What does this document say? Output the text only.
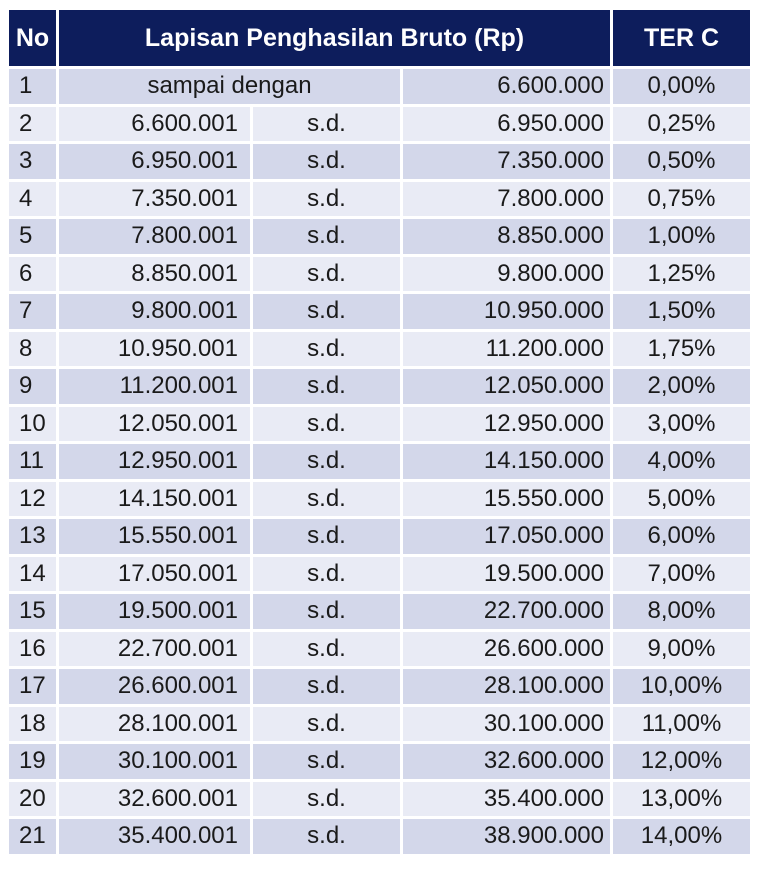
No	Lapisan Penghasilan Bruto (Rp)			TER C
1	sampai dengan		6.600.000	0,00%
2	6.600.001	s.d.	6.950.000	0,25%
3	6.950.001	s.d.	7.350.000	0,50%
4	7.350.001	s.d.	7.800.000	0,75%
5	7.800.001	s.d.	8.850.000	1,00%
6	8.850.001	s.d.	9.800.000	1,25%
7	9.800.001	s.d.	10.950.000	1,50%
8	10.950.001	s.d.	11.200.000	1,75%
9	11.200.001	s.d.	12.050.000	2,00%
10	12.050.001	s.d.	12.950.000	3,00%
11	12.950.001	s.d.	14.150.000	4,00%
12	14.150.001	s.d.	15.550.000	5,00%
13	15.550.001	s.d.	17.050.000	6,00%
14	17.050.001	s.d.	19.500.000	7,00%
15	19.500.001	s.d.	22.700.000	8,00%
16	22.700.001	s.d.	26.600.000	9,00%
17	26.600.001	s.d.	28.100.000	10,00%
18	28.100.001	s.d.	30.100.000	11,00%
19	30.100.001	s.d.	32.600.000	12,00%
20	32.600.001	s.d.	35.400.000	13,00%
21	35.400.001	s.d.	38.900.000	14,00%
